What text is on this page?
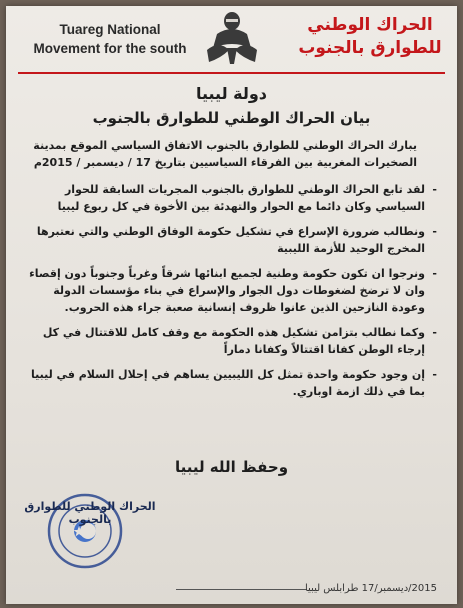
Tuareg National
Movement for the south
الحراك الوطني
للطوارق بالجنوب
دولة ليبيا
بيان الحراك الوطني للطوارق بالجنوب

يبارك الحراك الوطني للطوارق بالجنوب الاتفاق السياسي الموقع بمدينة الصخيرات المغربية بين الفرقاء السياسيين بتاريخ 17 / ديسمبر / 2015م

-
لقد تابع الحراك الوطني للطوارق بالجنوب المجريات السابقة للحوار السياسي وكان دائما مع الحوار والتهدئة بين الأخوة في كل ربوع ليبيا
-
ونطالب ضرورة الإسراع في تشكيل حكومة الوفاق الوطني والتي نعتبرها المخرج الوحيد للأزمة الليبية
-
ونرجوا ان تكون حكومة وطنية لجميع ابنائها شرقاً وغرباً وجنوباً دون إقصاء وان لا ترضخ لضغوطات دول الجوار والإسراع في بناء مؤسسات الدولة وعودة النازحين الذين عانوا ظروف إنسانية صعبة جراء هذه الحروب.
-
وكما نطالب بتزامن تشكيل هذه الحكومة مع وقف كامل للاقتتال في كل إرجاء الوطن كفانا اقتتالاً وكفانا دماراً
-
إن وجود حكومة واحدة تمثل كل الليبيين يساهم في إحلال السلام في ليبيا بما في ذلك ازمة اوباري.
وحفظ الله ليبيا
الحراك الوطني للطوارق بالجنوب
2015/ديسمبر/17 طرابلس ليبيا
